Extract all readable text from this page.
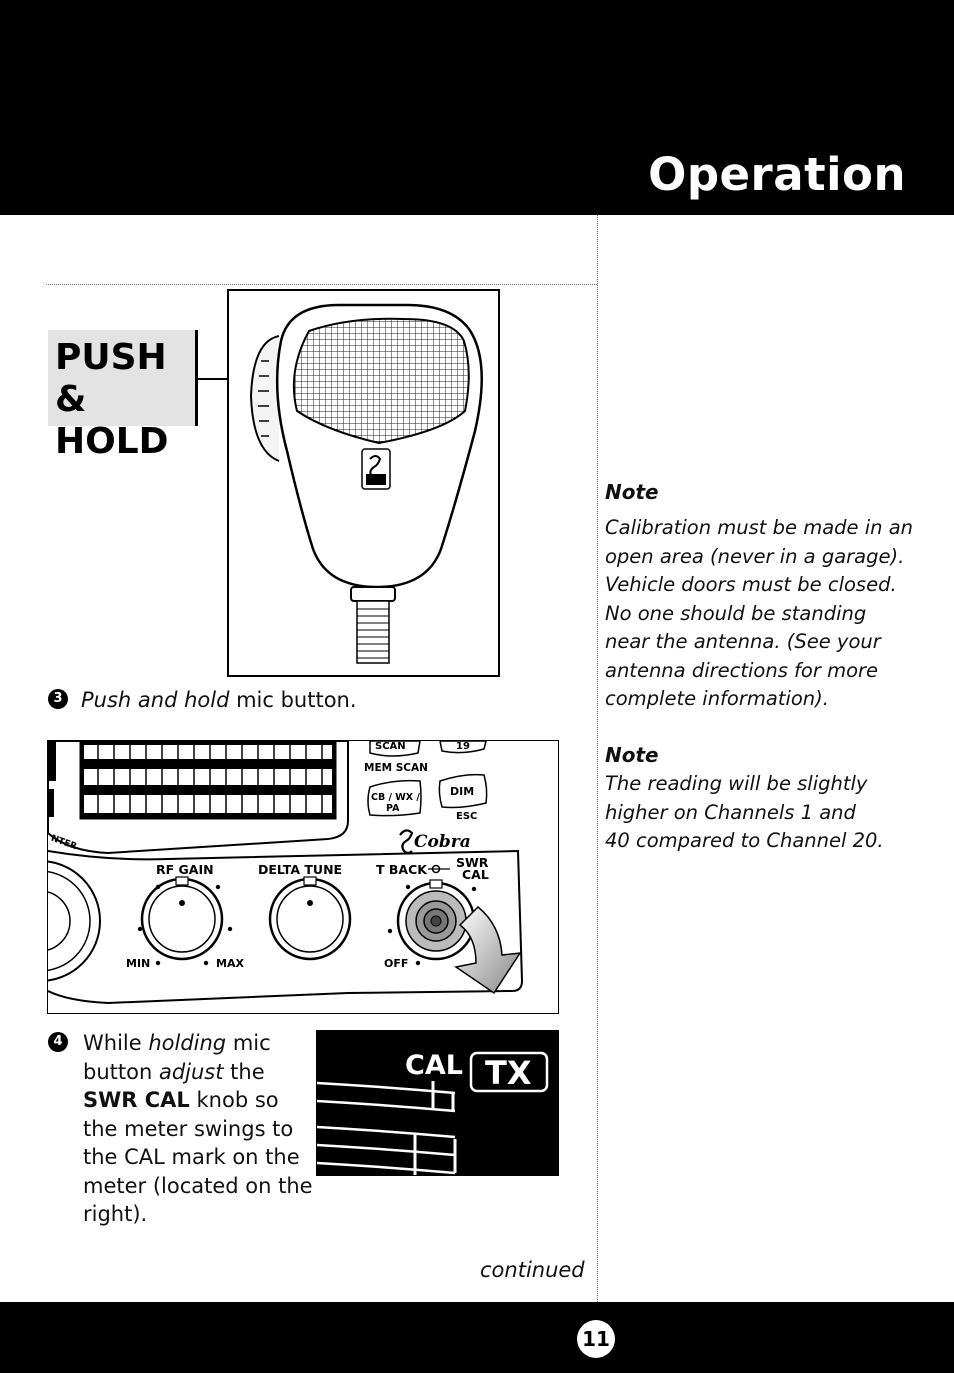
Operation
PUSH &
HOLD
3 Push and hold mic button.
SCAN	19
MEM SCAN
CB / WX /
PA
DIM
ESC
Cobra
NTER
RF GAIN
MIN	MAX
DELTA TUNE	T BACK SWR
CAL
OFF
4 While holding mic button adjust the SWR CAL knob so the meter swings to the CAL mark on the meter (located on the right).
CAL TX
continued
Note
Calibration must be made in an open area (never in a garage). Vehicle doors must be closed. No one should be standing near the antenna. (See your antenna directions for more complete information).
Note
The reading will be slightly higher on Channels 1 and 40 compared to Channel 20.
11
